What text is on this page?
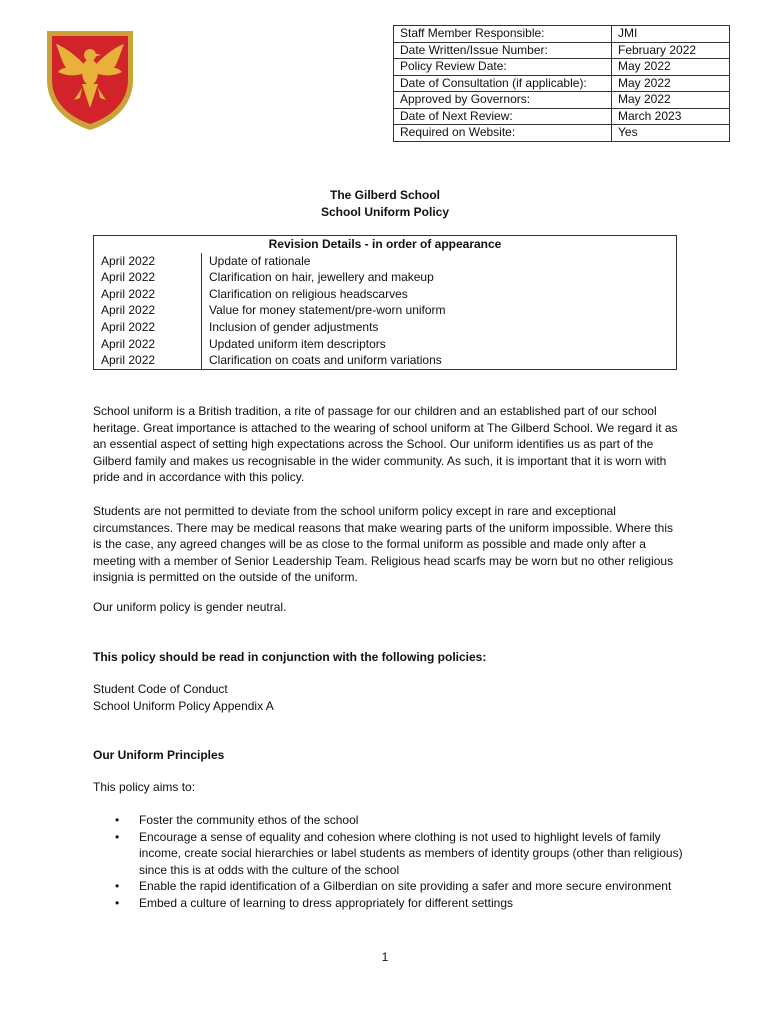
Staff Member Responsible:	JMI
Date Written/Issue Number:	February 2022
Policy Review Date:	May 2022
Date of Consultation (if applicable):	May 2022
Approved by Governors:	May 2022
Date of Next Review:	March 2023
Required on Website:	Yes
The Gilberd School
School Uniform Policy
Revision Details - in order of appearance	
April 2022	Update of rationale
April 2022	Clarification on hair, jewellery and makeup
April 2022	Clarification on religious headscarves
April 2022	Value for money statement/pre-worn uniform
April 2022	Inclusion of gender adjustments
April 2022	Updated uniform item descriptors
April 2022	Clarification on coats and uniform variations

School uniform is a British tradition, a rite of passage for our children and an established part of our school heritage. Great importance is attached to the wearing of school uniform at The Gilberd School. We regard it as an essential aspect of setting high expectations across the School. Our uniform identifies us as part of the Gilberd family and makes us recognisable in the wider community. As such, it is important that it is worn with pride and in accordance with this policy.

Students are not permitted to deviate from the school uniform policy except in rare and exceptional circumstances. There may be medical reasons that make wearing parts of the uniform impossible. Where this is the case, any agreed changes will be as close to the formal uniform as possible and made only after a meeting with a member of Senior Leadership Team. Religious head scarfs may be worn but no other religious insignia is permitted on the outside of the uniform.

Our uniform policy is gender neutral.

This policy should be read in conjunction with the following policies:

Student Code of Conduct

School Uniform Policy Appendix A

Our Uniform Principles

This policy aims to:

• Foster the community ethos of the school
• Encourage a sense of equality and cohesion where clothing is not used to highlight levels of family income, create social hierarchies or label students as members of identity groups (other than religious) since this is at odds with the culture of the school
• Enable the rapid identification of a Gilberdian on site providing a safer and more secure environment
• Embed a culture of learning to dress appropriately for different settings
1
